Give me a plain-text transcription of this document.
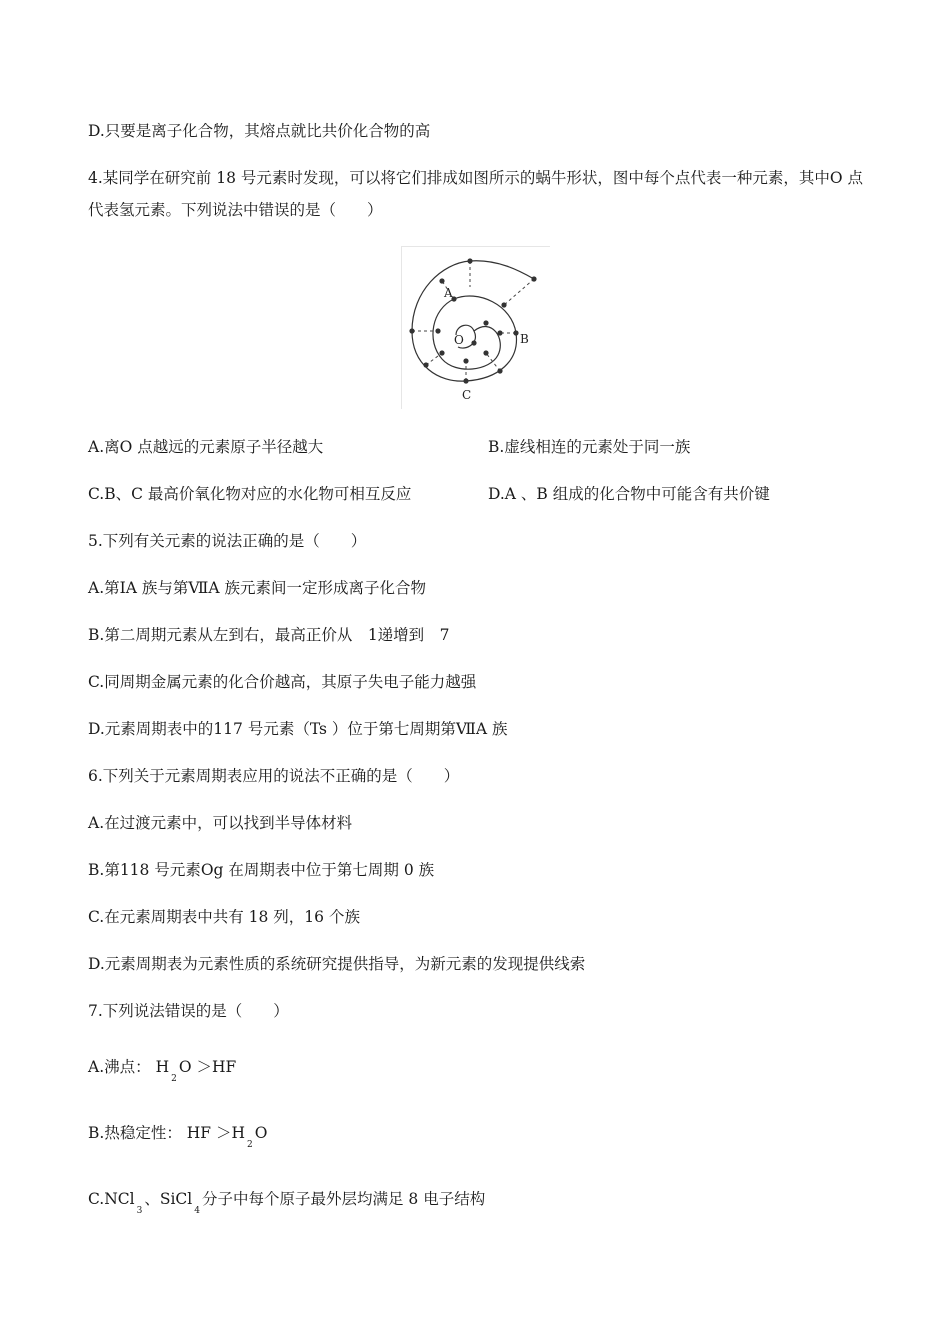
D.只要是离子化合物，其熔点就比共价化合物的高
4.某同学在研究前 18 号元素时发现，可以将它们排成如图所示的蜗牛形状，图中每个点代表一种元素，其中O 点代表氢元素。下列说法中错误的是（　　）
A
O	B
C
A.离O 点越远的元素原子半径越大	B.虚线相连的元素处于同一族
C.B、C 最高价氧化物对应的水化物可相互反应	D.A 、B 组成的化合物中可能含有共价键
5.下列有关元素的说法正确的是（　　）
A.第ⅠA 族与第ⅦA 族元素间一定形成离子化合物
B.第二周期元素从左到右，最高正价从　1递增到　7
C.同周期金属元素的化合价越高，其原子失电子能力越强
D.元素周期表中的117 号元素（Ts ）位于第七周期第ⅦA 族
6.下列关于元素周期表应用的说法不正确的是（　　）
A.在过渡元素中，可以找到半导体材料
B.第118 号元素Og 在周期表中位于第七周期 0 族
C.在元素周期表中共有 18 列，16 个族
D.元素周期表为元素性质的系统研究提供指导，为新元素的发现提供线索
7.下列说法错误的是（　　）
A.沸点： $H_2O >HF$
B.热稳定性： HF $>H_2O$
C.NCl$_3$、SiCl$_4$分子中每个原子最外层均满足 8 电子结构
